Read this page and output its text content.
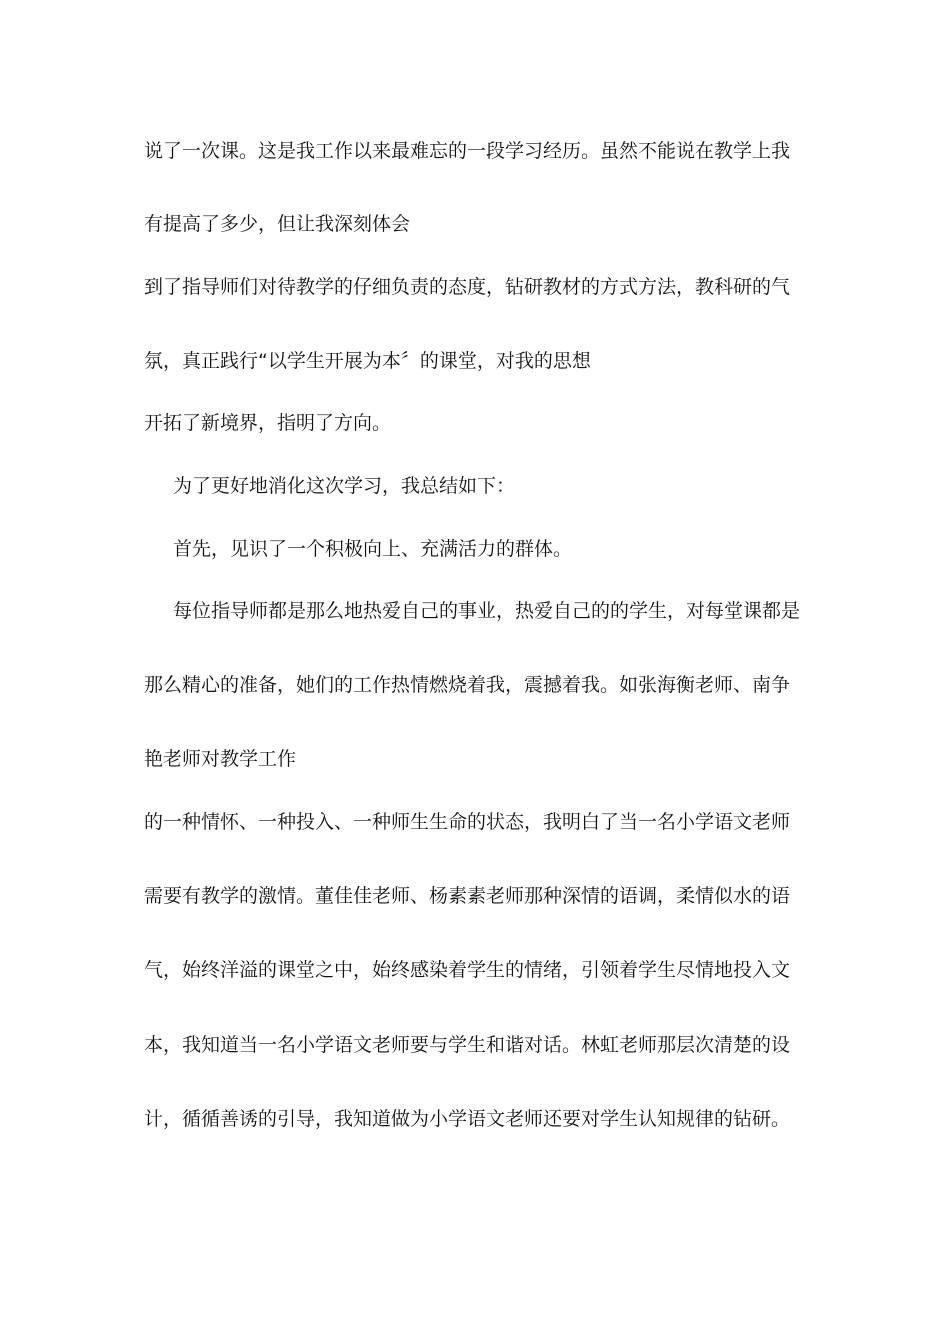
说了一次课。这是我工作以来最难忘的一段学习经历。虽然不能说在教学上我

有提高了多少，但让我深刻体会

到了指导师们对待教学的仔细负责的态度，钻研教材的方式方法，教科研的气

氛，真正践行“以学生开展为本〞的课堂，对我的思想

开拓了新境界，指明了方向。

为了更好地消化这次学习，我总结如下：

首先，见识了一个积极向上、充满活力的群体。

每位指导师都是那么地热爱自己的事业，热爱自己的的学生，对每堂课都是

那么精心的准备，她们的工作热情燃烧着我，震撼着我。如张海衡老师、南争

艳老师对教学工作

的一种情怀、一种投入、一种师生生命的状态，我明白了当一名小学语文老师

需要有教学的激情。董佳佳老师、杨素素老师那种深情的语调，柔情似水的语

气，始终洋溢的课堂之中，始终感染着学生的情绪，引领着学生尽情地投入文

本，我知道当一名小学语文老师要与学生和谐对话。林虹老师那层次清楚的设

计，循循善诱的引导，我知道做为小学语文老师还要对学生认知规律的钻研。
